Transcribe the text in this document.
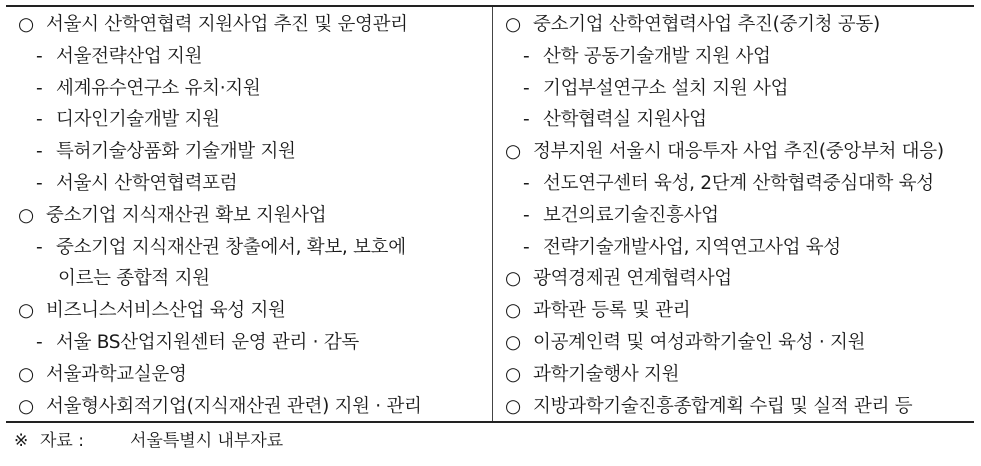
○ 서울시 산학연협력 지원사업 추진 및 운영관리
- 서울전략산업 지원
- 세계유수연구소 유치·지원
- 디자인기술개발 지원
- 특허기술상품화 기술개발 지원
- 서울시 산학연협력포럼
○ 중소기업 지식재산권 확보 지원사업
- 중소기업 지식재산권 창출에서, 확보, 보호에
이르는 종합적 지원
○ 비즈니스서비스산업 육성 지원
- 서울 BS산업지원센터 운영 관리 · 감독
○ 서울과학교실운영
○ 서울형사회적기업(지식재산권 관련) 지원 · 관리
○ 중소기업 산학연협력사업 추진(중기청 공동)
- 산학 공동기술개발 지원 사업
- 기업부설연구소 설치 지원 사업
- 산학협력실 지원사업
○ 정부지원 서울시 대응투자 사업 추진(중앙부처 대응)
- 선도연구센터 육성, 2단계 산학협력중심대학 육성
- 보건의료기술진흥사업
- 전략기술개발사업, 지역연고사업 육성
○ 광역경제권 연계협력사업
○ 과학관 등록 및 관리
○ 이공계인력 및 여성과학기술인 육성 · 지원
○ 과학기술행사 지원
○ 지방과학기술진흥종합계획 수립 및 실적 관리 등
※ 자료 :	서울특별시 내부자료
